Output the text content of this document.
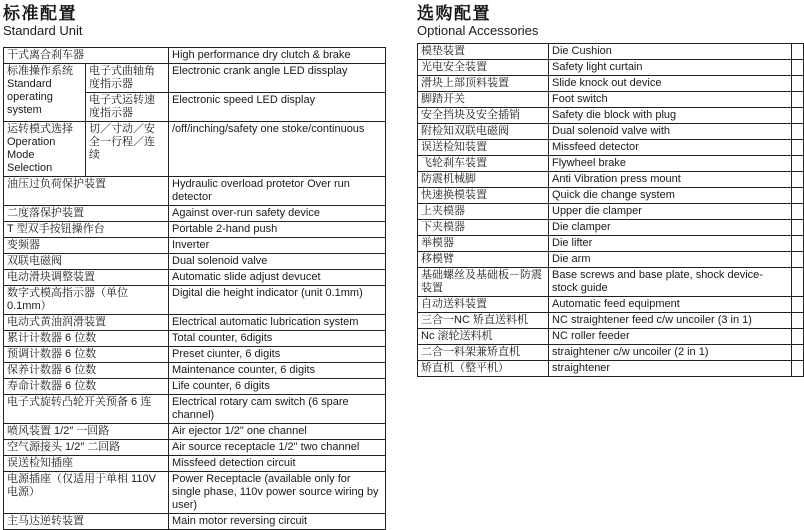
标准配置
Standard Unit
干式离合刹车器		High performance dry clutch & brake

标准操作系统
Standard operating system	电子式曲轴角度指示器	Electronic crank angle LED dissplay
	电子式运转速度指示器	Electronic speed LED display

运转模式选择
Operation Mode Selection	切／寸动／安全一行程／连续	/off/inching/safety one stoke/continuous
油压过负荷保护装置		Hydraulic overload protetor Over run detector
二度落保护装置		Against over-run safety device
T 型双手按钮操作台		Portable 2-hand push
变频器		Inverter
双联电磁阀		Dual solenoid valve
电动滑块调整装置		Automatic slide adjust devucet
数字式模高指示器（单位 0.1mm）		Digital die height indicator (unit 0.1mm)
电动式黄油润滑装置		Electrical automatic lubrication system
累计计数器 6 位数		Total counter, 6digits
预调计数器 6 位数		Preset ciunter, 6 digits
保养计数器 6 位数		Maintenance counter, 6 digits
寿命计数器 6 位数		Life counter, 6 digits
电子式旋转凸轮开关预备 6 连		Electrical rotary cam switch (6 spare channel)
喷风装置 1/2″ 一回路		Air ejector 1/2" one channel
空气源接头 1/2″ 二回路		Air source receptacle 1/2" two channel
误送检知插座		Missfeed detection circuit
电源插座（仅适用于单相 110V 电源）		Power Receptacle (available only for single phase, 110v power source wiring by user)
主马达逆转装置		Main motor reversing circuit
选购配置
Optional Accessories
模垫装置	Die Cushion	
光电安全装置	Safety light curtain	
滑块上部顶料装置	Slide knock out device	
脚踏开关	Foot switch	
安全挡块及安全插销	Safety die block with plug	
附检知双联电磁阀	Dual solenoid valve with	
误送检知装置	Missfeed detector	
飞轮刹车装置	Flywheel brake	
防震机械脚	Anti Vibration press mount	
快速换模装置	Quick die change system	
上夹模器	Upper die clamper	
下夹模器	Die clamper	
举模器	Die lifter	
移模臂	Die arm	
基础螺丝及基础板－防震装置	Base screws and base plate, shock device-stock guide	
自动送料装置	Automatic feed equipment	
三合一NC 矫直送料机	NC straightener feed c/w uncoiler (3 in 1)	
Nc 滚轮送料机	NC roller feeder	
二合一料架兼矫直机	straightener c/w uncoiler (2 in 1)	
矫直机（整平机）	straightener	
